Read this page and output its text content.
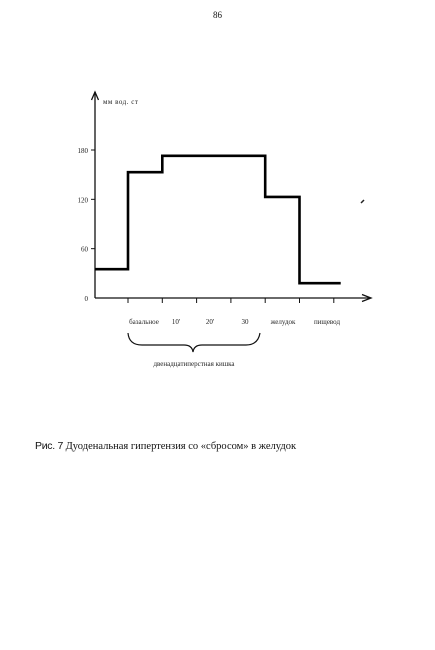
86
мм вод. ст
0
60
120
180
базальное 10'	20'	30	желудок	пищевод
двенадцатиперстная кишка
Рис. 7 Дуоденальная гипертензия со «сбросом» в желудок
